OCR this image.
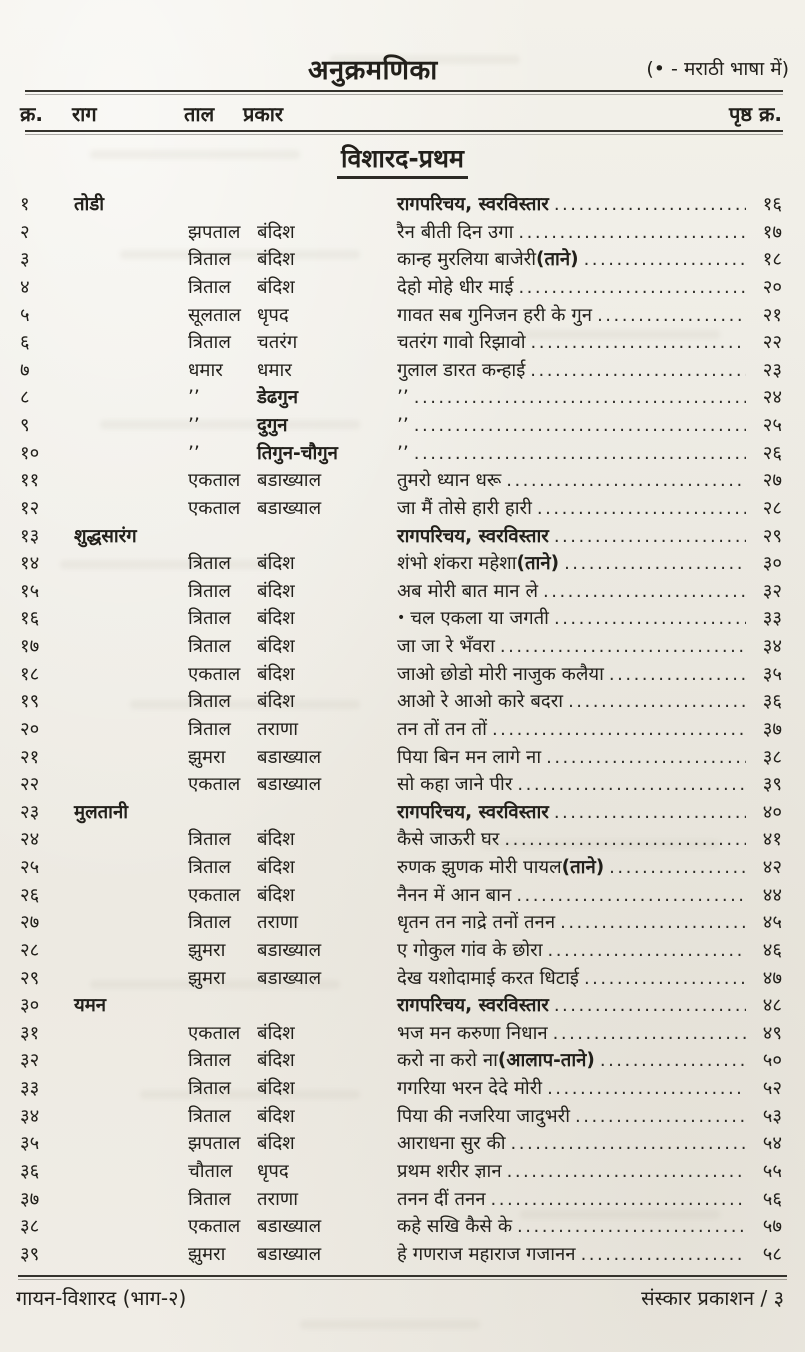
अनुक्रमणिका	(• - मराठी भाषा में)
क्र. राग	ताल प्रकार	पृष्ठ क्र.
विशारद-प्रथम
१ तोडी	रागपरिचय, स्वरविस्तार .....	१६
२	झपताल बंदिश	रैन बीती दिन उगा .....	१७
३	त्रिताल बंदिश	कान्ह मुरलिया बाजेरी (ताने) .....	१८
४	त्रिताल बंदिश	देहो मोहे धीर माई .....	२०
५	सूलताल धृपद	गावत सब गुनिजन हरी के गुन .....	२१
६	त्रिताल चतरंग	चतरंग गावो रिझावो .....	२२
७	धमार धमार	गुलाल डारत कन्हाई .....	२३
८	’’	डेढगुन	’’ .....	२४
९	’’	दुगुन	’’ .....	२५
१०	’’	तिगुन-चौगुन	’’ .....	२६
११	एकताल बडाख्याल	तुमरो ध्यान धरू .....	२७
१२	एकताल बडाख्याल	जा मैं तोसे हारी हारी .....	२८
१३ शुद्धसारंग	रागपरिचय, स्वरविस्तार .....	२९
१४	त्रिताल बंदिश	शंभो शंकरा महेशा (ताने) .....	३०
१५	त्रिताल बंदिश	अब मोरी बात मान ले .....	३२
१६	त्रिताल बंदिश	• चल एकला या जगती .....	३३
१७	त्रिताल बंदिश	जा जा रे भँवरा .....	३४
१८	एकताल बंदिश	जाओ छोडो मोरी नाजुक कलैया .....	३५
१९	त्रिताल बंदिश	आओ रे आओ कारे बदरा .....	३६
२०	त्रिताल तराणा	तन तों तन तों .....	३७
२१	झुमरा बडाख्याल	पिया बिन मन लागे ना .....	३८
२२	एकताल बडाख्याल	सो कहा जाने पीर .....	३९
२३ मुलतानी	रागपरिचय, स्वरविस्तार .....	४०
२४	त्रिताल बंदिश	कैसे जाऊरी घर .....	४१
२५	त्रिताल बंदिश	रुणक झुणक मोरी पायल (ताने) .....	४२
२६	एकताल बंदिश	नैनन में आन बान .....	४४
२७	त्रिताल तराणा	धृतन तन नाद्रे तनों तनन .....	४५
२८	झुमरा बडाख्याल	ए गोकुल गांव के छोरा .....	४६
२९	झुमरा बडाख्याल	देख यशोदामाई करत धिटाई .....	४७
३० यमन	रागपरिचय, स्वरविस्तार .....	४८
३१	एकताल बंदिश	भज मन करुणा निधान .....	४९
३२	त्रिताल बंदिश	करो ना करो ना (आलाप-ताने) .....	५०
३३	त्रिताल बंदिश	गगरिया भरन देदे मोरी .....	५२
३४	त्रिताल बंदिश	पिया की नजरिया जादुभरी .....	५३
३५	झपताल बंदिश	आराधना सुर की .....	५४
३६	चौताल धृपद	प्रथम शरीर ज्ञान .....	५५
३७	त्रिताल तराणा	तनन दीं तनन .....	५६
३८	एकताल बडाख्याल	कहे सखि कैसे के .....	५७
३९	झुमरा बडाख्याल	हे गणराज महाराज गजानन .....	५८
गायन-विशारद (भाग-२)	संस्कार प्रकाशन / ३
